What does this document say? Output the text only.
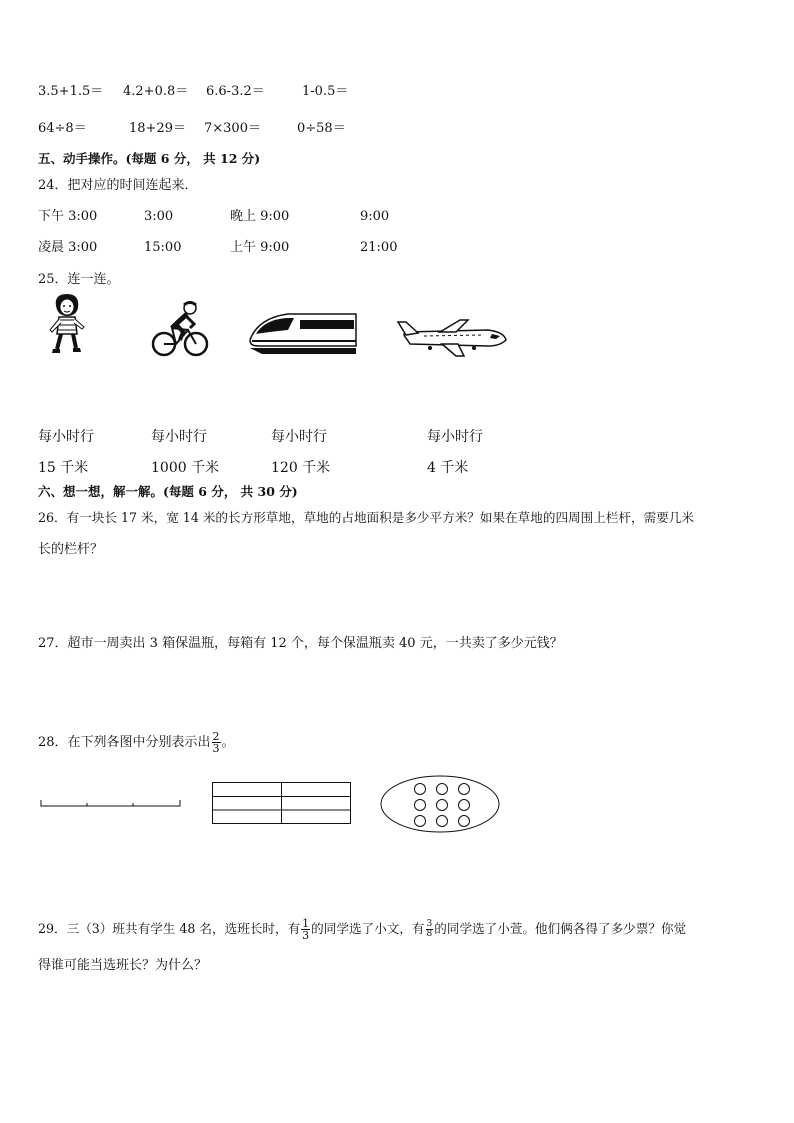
3.5+1.5＝ 4.2+0.8＝ 6.6-3.2＝	1-0.5＝
64÷8＝	18+29＝ 7×300＝	0÷58＝
五、动手操作。(每题 6 分， 共 12 分)
24．把对应的时间连起来．
下午 3:00	3:00	晚上 9:00	9:00
凌晨 3:00	15:00	上午 9:00	21:00
25．连一连。
每小时行	每小时行	每小时行	每小时行
15 千米	1000 千米	120 千米	4 千米
六、想一想，解一解。(每题 6 分， 共 30 分)
26．有一块长 17 米，宽 14 米的长方形草地，草地的占地面积是多少平方米？如果在草地的四周围上栏杆，需要几米
长的栏杆？
27．超市一周卖出 3 箱保温瓶，每箱有 12 个，每个保温瓶卖 40 元，一共卖了多少元钱？
28．在下列各图中分别表示出 $\frac{2}{3}$ 。
29．三（3）班共有学生 48 名，选班长时，有 $\frac{1}{3}$ 的同学选了小文，有 $\frac{3}{8}$ 的同学选了小萱。他们俩各得了多少票？你觉
得谁可能当选班长？为什么？
